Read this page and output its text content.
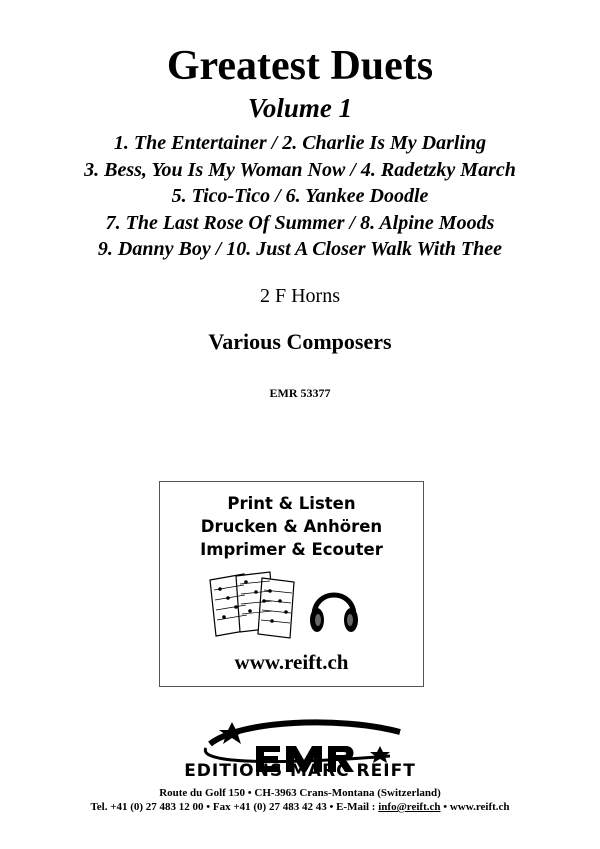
Greatest Duets
Volume 1
1. The Entertainer / 2. Charlie Is My Darling
3. Bess, You Is My Woman Now / 4. Radetzky March
5. Tico-Tico / 6. Yankee Doodle
7. The Last Rose Of Summer / 8. Alpine Moods
9. Danny Boy / 10. Just A Closer Walk With Thee
2 F Horns
Various Composers
EMR 53377
Print & Listen
Drucken & Anhören
Imprimer & Ecouter
www.reift.ch
EDITIONS MARC REIFT
Route du Golf 150 • CH-3963 Crans-Montana (Switzerland)
Tel. +41 (0) 27 483 12 00 • Fax +41 (0) 27 483 42 43 • E-Mail : info@reift.ch • www.reift.ch
